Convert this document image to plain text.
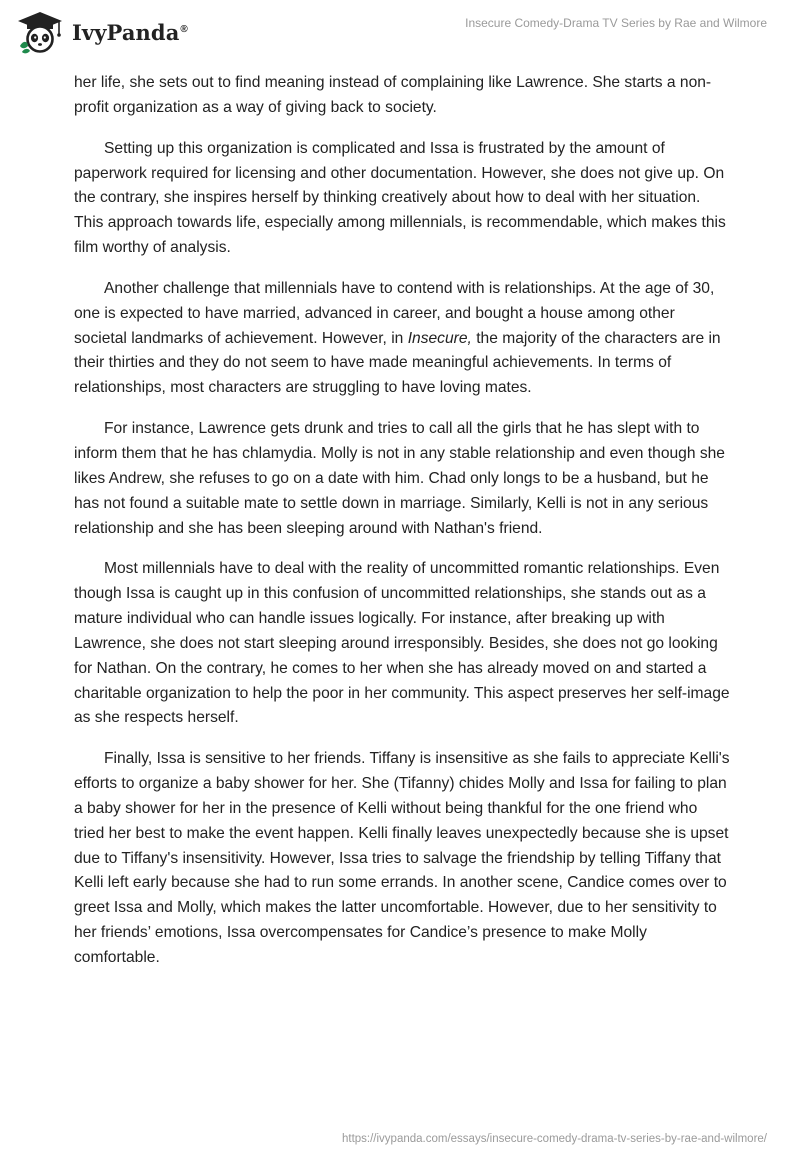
IvyPanda®	Insecure Comedy-Drama TV Series by Rae and Wilmore

her life, she sets out to find meaning instead of complaining like Lawrence. She starts a non-profit organization as a way of giving back to society.

Setting up this organization is complicated and Issa is frustrated by the amount of paperwork required for licensing and other documentation. However, she does not give up. On the contrary, she inspires herself by thinking creatively about how to deal with her situation. This approach towards life, especially among millennials, is recommendable, which makes this film worthy of analysis.

Another challenge that millennials have to contend with is relationships. At the age of 30, one is expected to have married, advanced in career, and bought a house among other societal landmarks of achievement. However, in Insecure, the majority of the characters are in their thirties and they do not seem to have made meaningful achievements. In terms of relationships, most characters are struggling to have loving mates.

For instance, Lawrence gets drunk and tries to call all the girls that he has slept with to inform them that he has chlamydia. Molly is not in any stable relationship and even though she likes Andrew, she refuses to go on a date with him. Chad only longs to be a husband, but he has not found a suitable mate to settle down in marriage. Similarly, Kelli is not in any serious relationship and she has been sleeping around with Nathan's friend.

Most millennials have to deal with the reality of uncommitted romantic relationships. Even though Issa is caught up in this confusion of uncommitted relationships, she stands out as a mature individual who can handle issues logically. For instance, after breaking up with Lawrence, she does not start sleeping around irresponsibly. Besides, she does not go looking for Nathan. On the contrary, he comes to her when she has already moved on and started a charitable organization to help the poor in her community. This aspect preserves her self-image as she respects herself.

Finally, Issa is sensitive to her friends. Tiffany is insensitive as she fails to appreciate Kelli's efforts to organize a baby shower for her. She (Tifanny) chides Molly and Issa for failing to plan a baby shower for her in the presence of Kelli without being thankful for the one friend who tried her best to make the event happen. Kelli finally leaves unexpectedly because she is upset due to Tiffany's insensitivity. However, Issa tries to salvage the friendship by telling Tiffany that Kelli left early because she had to run some errands. In another scene, Candice comes over to greet Issa and Molly, which makes the latter uncomfortable. However, due to her sensitivity to her friends’ emotions, Issa overcompensates for Candice’s presence to make Molly comfortable.

https://ivypanda.com/essays/insecure-comedy-drama-tv-series-by-rae-and-wilmore/
